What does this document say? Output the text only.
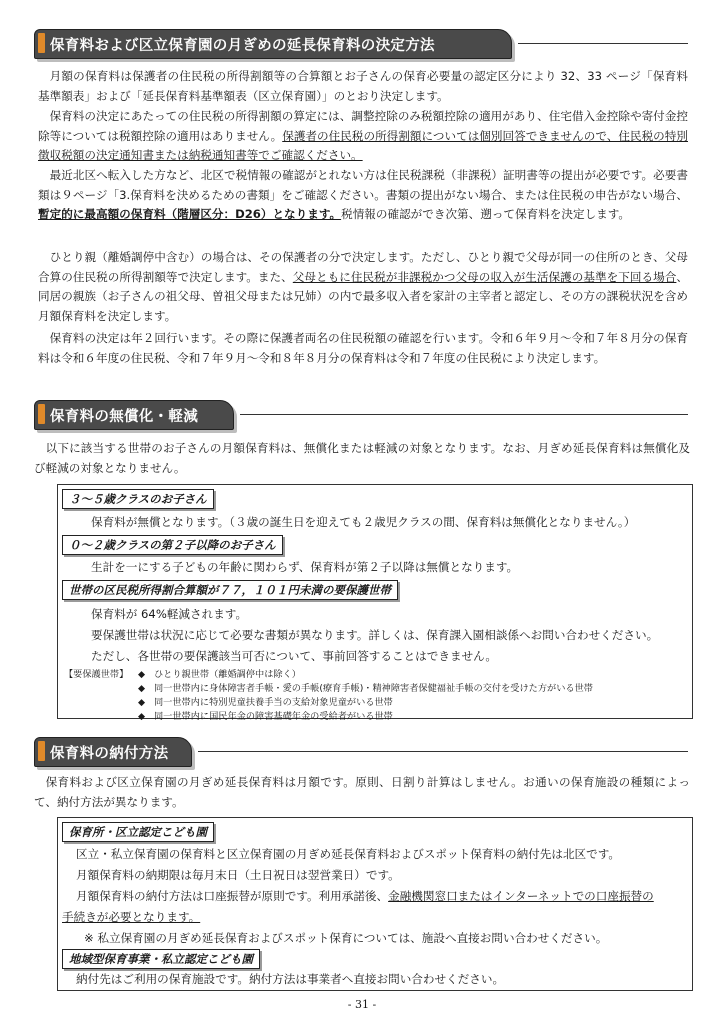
保育料および区立保育園の月ぎめの延長保育料の決定方法
月額の保育料は保護者の住民税の所得割額等の合算額とお子さんの保育必要量の認定区分により 32、33 ページ「保育料基準額表」および「延長保育料基準額表（区立保育園）」のとおり決定します。
保育料の決定にあたっての住民税の所得割額の算定には、調整控除のみ税額控除の適用があり、住宅借入金控除や寄付金控除等については税額控除の適用はありません。保護者の住民税の所得割額については個別回答できませんので、住民税の特別徴収税額の決定通知書または納税通知書等でご確認ください。
最近北区へ転入した方など、北区で税情報の確認がとれない方は住民税課税（非課税）証明書等の提出が必要です。必要書類は９ページ「3.保育料を決めるための書類」をご確認ください。書類の提出がない場合、または住民税の申告がない場合、暫定的に最高額の保育料（階層区分：D26）となります。税情報の確認ができ次第、遡って保育料を決定します。
ひとり親（離婚調停中含む）の場合は、その保護者の分で決定します。ただし、ひとり親で父母が同一の住所のとき、父母合算の住民税の所得割額等で決定します。また、父母ともに住民税が非課税かつ父母の収入が生活保護の基準を下回る場合、同居の親族（お子さんの祖父母、曽祖父母または兄姉）の内で最多収入者を家計の主宰者と認定し、その方の課税状況を含め月額保育料を決定します。
保育料の決定は年２回行います。その際に保護者両名の住民税額の確認を行います。令和６年９月～令和７年８月分の保育料は令和６年度の住民税、令和７年９月～令和８年８月分の保育料は令和７年度の住民税により決定します。
保育料の無償化・軽減
以下に該当する世帯のお子さんの月額保育料は、無償化または軽減の対象となります。なお、月ぎめ延長保育料は無償化及び軽減の対象となりません。
３～５歳クラスのお子さん
保育料が無償となります。（３歳の誕生日を迎えても２歳児クラスの間、保育料は無償化となりません。）
０～２歳クラスの第２子以降のお子さん
生計を一にする子どもの年齢に関わらず、保育料が第２子以降は無償となります。
世帯の区民税所得割合算額が７７，１０１円未満の要保護世帯
保育料が 64%軽減されます。
要保護世帯は状況に応じて必要な書類が異なります。詳しくは、保育課入園相談係へお問い合わせください。
ただし、各世帯の要保護該当可否について、事前回答することはできません。
【要保護世帯】 ◆ ひとり親世帯（離婚調停中は除く）
◆ 同一世帯内に身体障害者手帳・愛の手帳(療育手帳)・精神障害者保健福祉手帳の交付を受けた方がいる世帯
◆ 同一世帯内に特別児童扶養手当の支給対象児童がいる世帯
◆ 同一世帯内に国民年金の障害基礎年金の受給者がいる世帯
保育料の納付方法
保育料および区立保育園の月ぎめ延長保育料は月額です。原則、日割り計算はしません。お通いの保育施設の種類によって、納付方法が異なります。
保育所・区立認定こども園
区立・私立保育園の保育料と区立保育園の月ぎめ延長保育料およびスポット保育料の納付先は北区です。
月額保育料の納期限は毎月末日（土日祝日は翌営業日）です。
月額保育料の納付方法は口座振替が原則です。利用承諾後、金融機関窓口またはインターネットでの口座振替の
手続きが必要となります。
※ 私立保育園の月ぎめ延長保育およびスポット保育については、施設へ直接お問い合わせください。
地域型保育事業・私立認定こども園
納付先はご利用の保育施設です。納付方法は事業者へ直接お問い合わせください。
- 31 -
